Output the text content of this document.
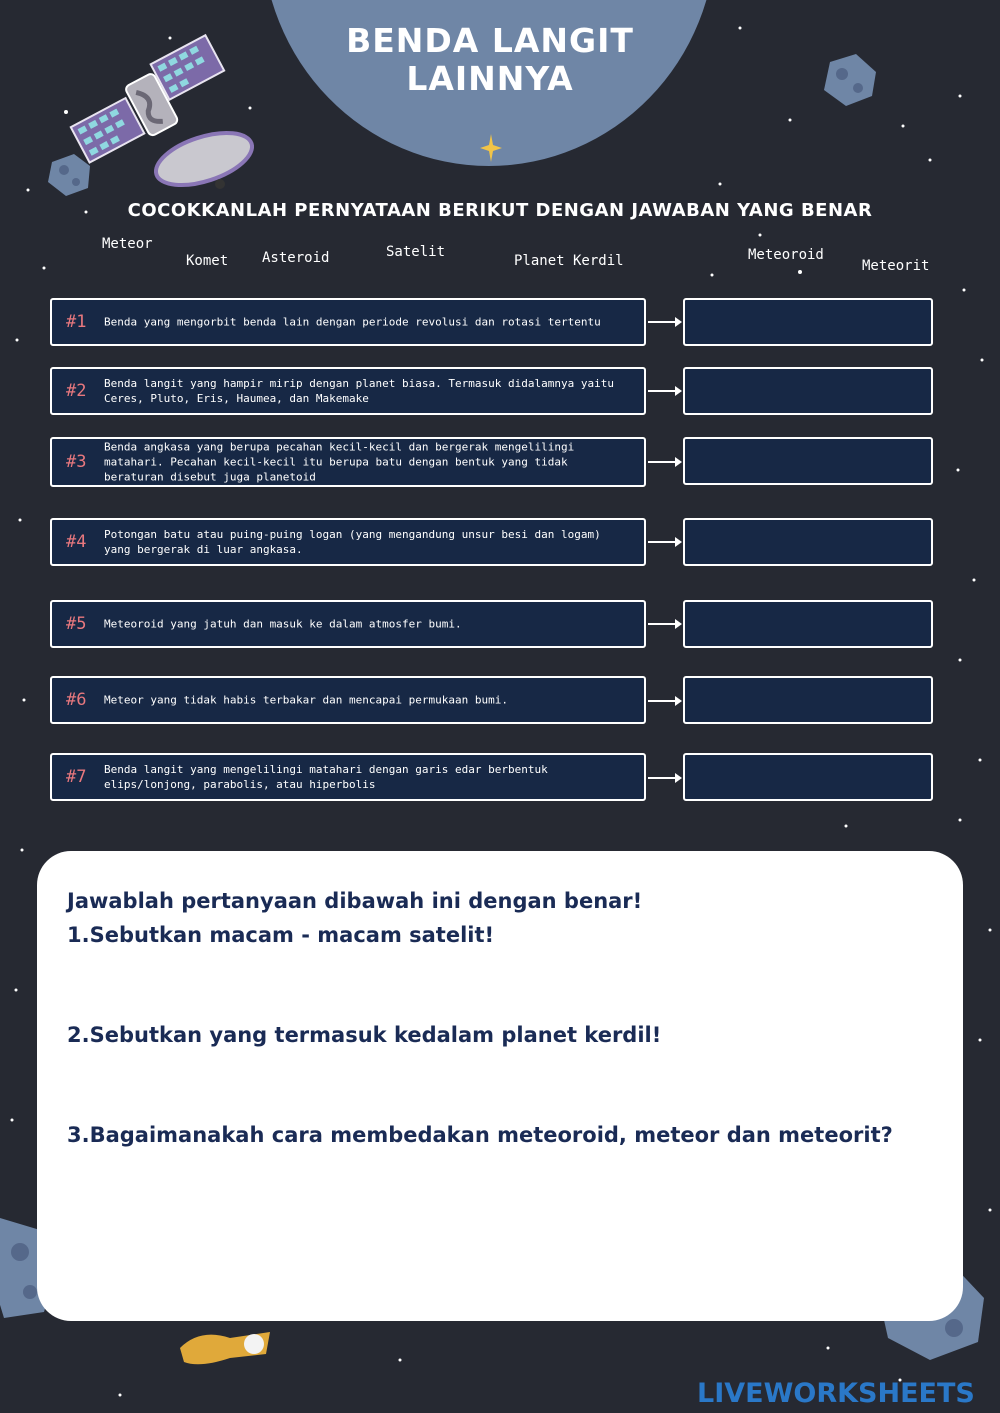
BENDA LANGIT
LAINNYA
COCOKKANLAH PERNYATAAN BERIKUT DENGAN JAWABAN YANG BENAR
Meteor
Komet Asteroid	Satelit
Planet Kerdil	Meteoroid
Meteorit
#1 Benda yang mengorbit benda lain dengan periode revolusi dan rotasi tertentu
#2 Benda langit yang hampir mirip dengan planet biasa. Termasuk didalamnya yaitu Ceres, Pluto, Eris, Haumea, dan Makemake
#3
Benda angkasa yang berupa pecahan kecil-kecil dan bergerak mengelilingi matahari. Pecahan kecil-kecil itu berupa batu dengan bentuk yang tidak beraturan disebut juga planetoid
#4 Potongan batu atau puing-puing logan (yang mengandung unsur besi dan logam) yang bergerak di luar angkasa.
#5 Meteoroid yang jatuh dan masuk ke dalam atmosfer bumi.
#6 Meteor yang tidak habis terbakar dan mencapai permukaan bumi.
#7 Benda langit yang mengelilingi matahari dengan garis edar berbentuk elips/lonjong, parabolis, atau hiperbolis
Jawablah pertanyaan dibawah ini dengan benar!
1.Sebutkan macam - macam satelit!
2.Sebutkan yang termasuk kedalam planet kerdil!
3.Bagaimanakah cara membedakan meteoroid, meteor dan meteorit?
LIVEWORKSHEETS
